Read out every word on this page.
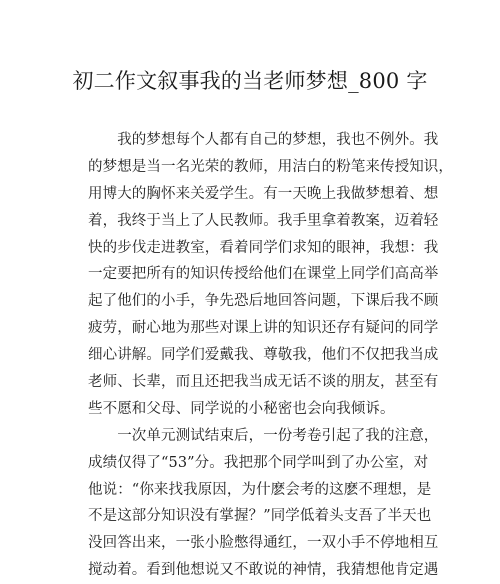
初二作文叙事我的当老师梦想_800 字
　　我的梦想每个人都有自己的梦想，我也不例外。我
的梦想是当一名光荣的教师，用洁白的粉笔来传授知识，
用博大的胸怀来关爱学生。有一天晚上我做梦想着、想
着，我终于当上了人民教师。我手里拿着教案，迈着轻
快的步伐走进教室，看着同学们求知的眼神，我想：我
一定要把所有的知识传授给他们在课堂上同学们高高举
起了他们的小手，争先恐后地回答问题，下课后我不顾
疲劳，耐心地为那些对课上讲的知识还存有疑问的同学
细心讲解。同学们爱戴我、尊敬我，他们不仅把我当成
老师、长辈，而且还把我当成无话不谈的朋友，甚至有
些不愿和父母、同学说的小秘密也会向我倾诉。
　　一次单元测试结束后，一份考卷引起了我的注意，
成绩仅得了“53”分。我把那个同学叫到了办公室，对
他说：“你来找我原因，为什麽会考的这麽不理想，是
不是这部分知识没有掌握？”同学低着头支吾了半天也
没回答出来，一张小脸憋得通红，一双小手不停地相互
搅动着。看到他想说又不敢说的神情，我猜想他肯定遇
